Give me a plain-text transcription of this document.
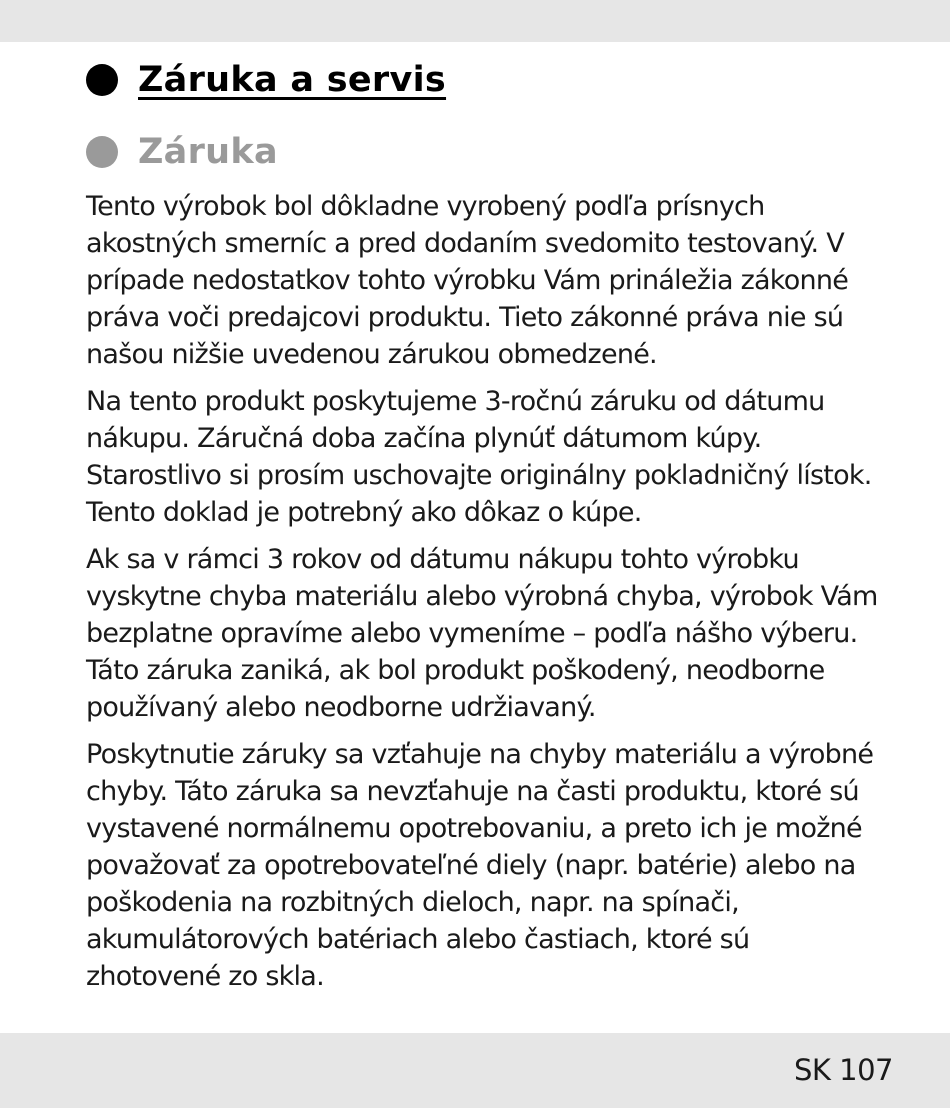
Záruka a servis
Záruka

Tento výrobok bol dôkladne vyrobený podľa prísnych akostných smerníc a pred dodaním svedomito testovaný. V prípade nedostatkov tohto výrobku Vám prináležia zákonné práva voči predajcovi produktu. Tieto zákonné práva nie sú našou nižšie uvedenou zárukou obmedzené.

Na tento produkt poskytujeme 3-ročnú záruku od dátumu nákupu. Záručná doba začína plynúť dátumom kúpy. Starostlivo si prosím uschovajte originálny pokladničný lístok. Tento doklad je potrebný ako dôkaz o kúpe.

Ak sa v rámci 3 rokov od dátumu nákupu tohto výrobku vyskytne chyba materiálu alebo výrobná chyba, výrobok Vám bezplatne opravíme alebo vymeníme – podľa nášho výberu. Táto záruka zaniká, ak bol produkt poškodený, neodborne používaný alebo neodborne udržiavaný.

Poskytnutie záruky sa vzťahuje na chyby materiálu a výrobné chyby. Táto záruka sa nevzťahuje na časti produktu, ktoré sú vystavené normálnemu opotrebovaniu, a preto ich je možné považovať za opotrebovateľné diely (napr. batérie) alebo na poškodenia na rozbitných dieloch, napr. na spínači, akumulátorových batériach alebo častiach, ktoré sú zhotovené zo skla.

SK 107
